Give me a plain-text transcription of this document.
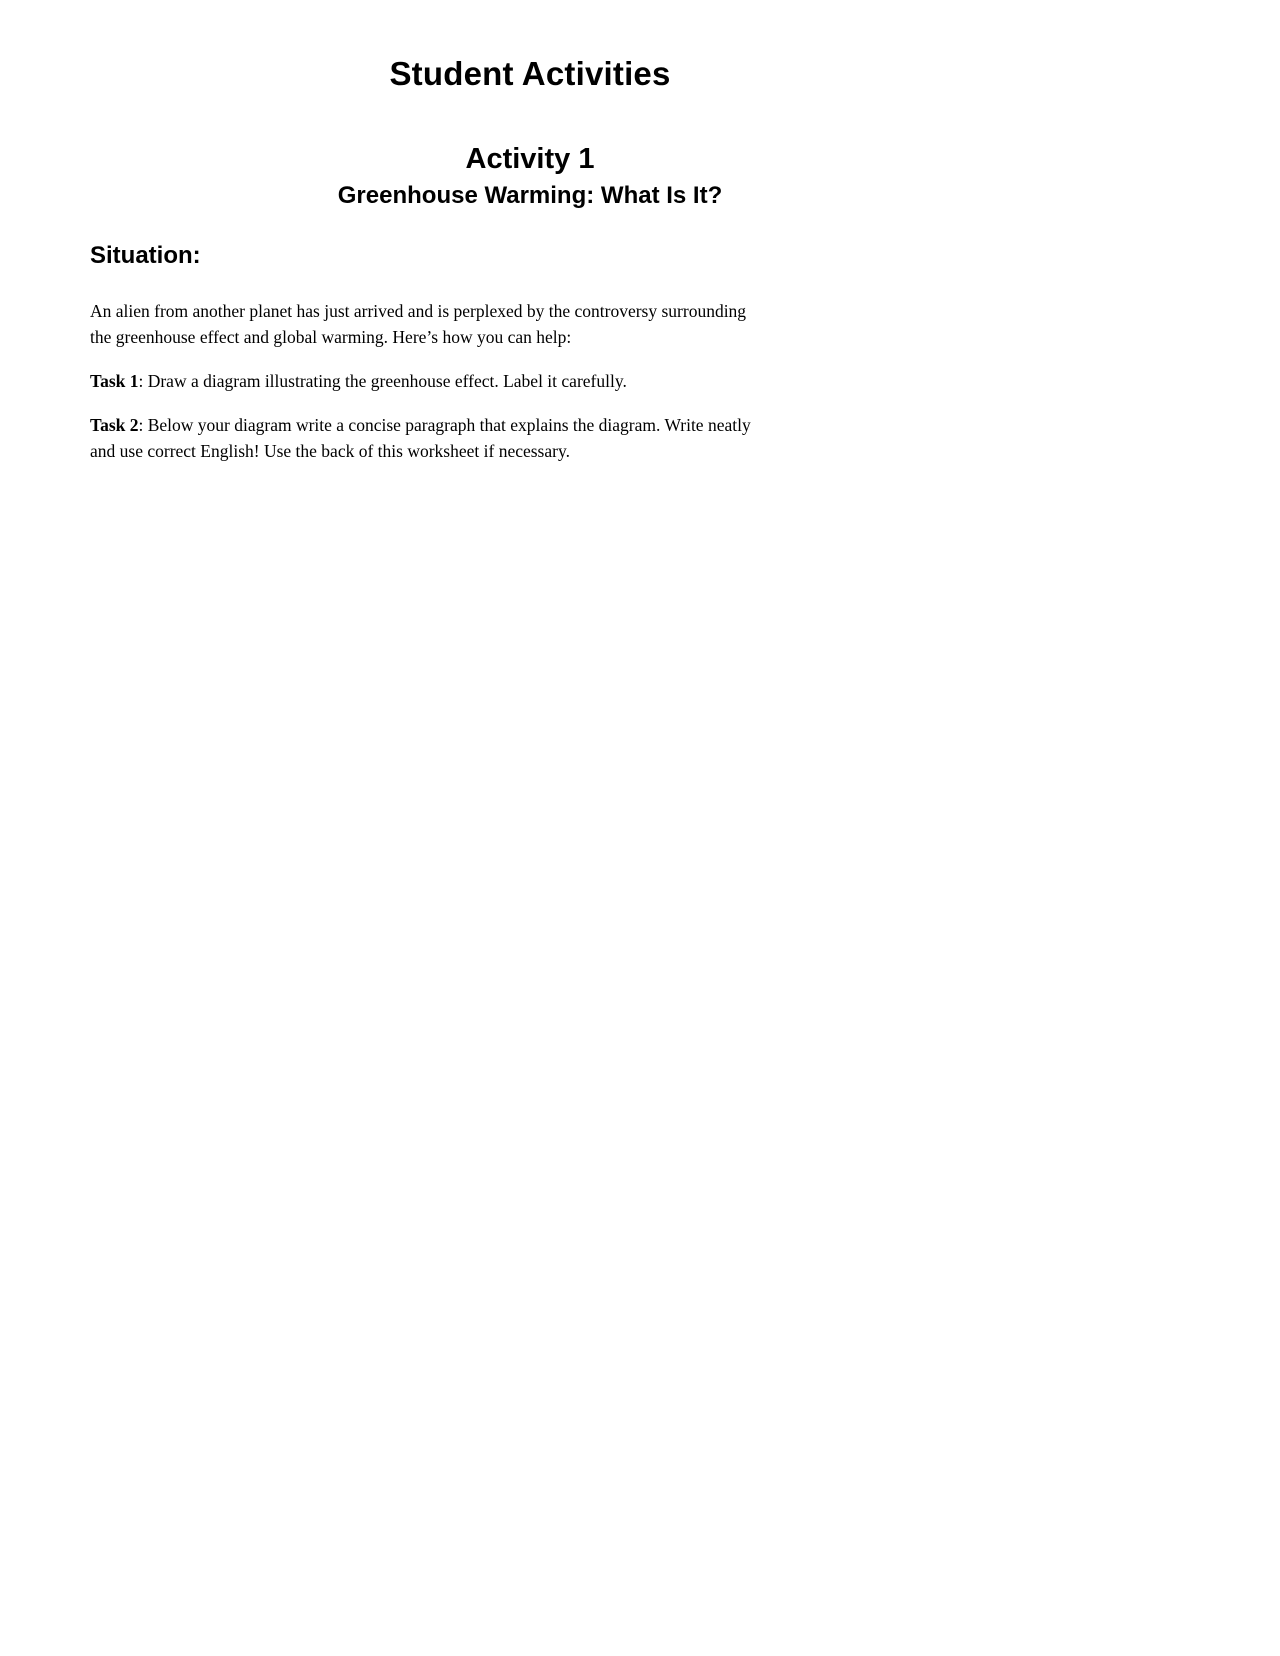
Student Activities
Activity 1
Greenhouse Warming: What Is It?
Situation:

An alien from another planet has just arrived and is perplexed by the controversy surrounding the greenhouse effect and global warming. Here’s how you can help:

Task 1: Draw a diagram illustrating the greenhouse effect. Label it carefully.

Task 2: Below your diagram write a concise paragraph that explains the diagram. Write neatly and use correct English! Use the back of this worksheet if necessary.
